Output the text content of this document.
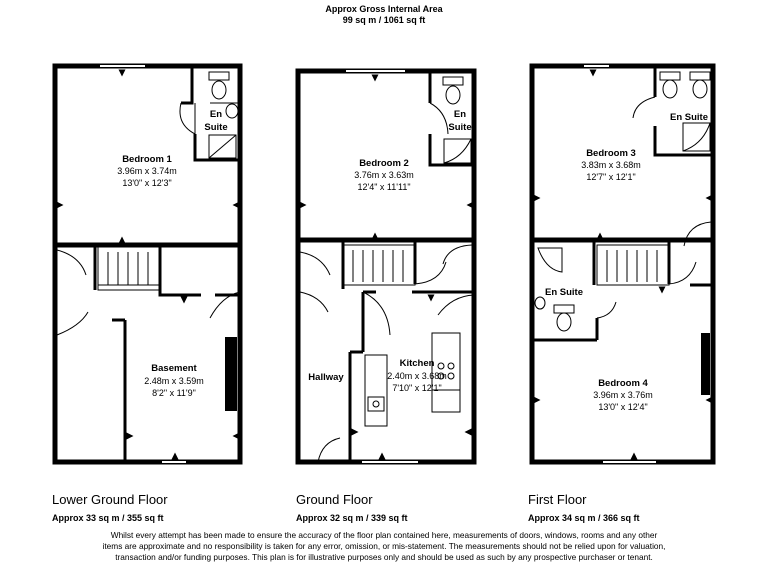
Approx Gross Internal Area
99 sq m / 1061 sq ft
Bedroom 1
3.96m x 3.74m
13'0" x 12'3"
En
Suite
Basement
2.48m x 3.59m
8'2" x 11'9"
Bedroom 2
3.76m x 3.63m
12'4" x 11'11"
En
Suite
Hallway
Kitchen
2.40m x 3.68m
7'10" x 12'1"
Bedroom 3
3.83m x 3.68m
12'7" x 12'1"
En Suite
En Suite
Bedroom 4
3.96m x 3.76m
13'0" x 12'4"
Lower Ground Floor
Approx 33 sq m / 355 sq ft
Ground Floor
Approx 32 sq m / 339 sq ft
First Floor
Approx 34 sq m / 366 sq ft
Whilst every attempt has been made to ensure the accuracy of the floor plan contained here, measurements of doors, windows, rooms and any other items are approximate and no responsibility is taken for any error, omission, or mis-statement. The measurements should not be relied upon for valuation, transaction and/or funding purposes. This plan is for illustrative purposes only and should be used as such by any prospective purchaser or tenant.
